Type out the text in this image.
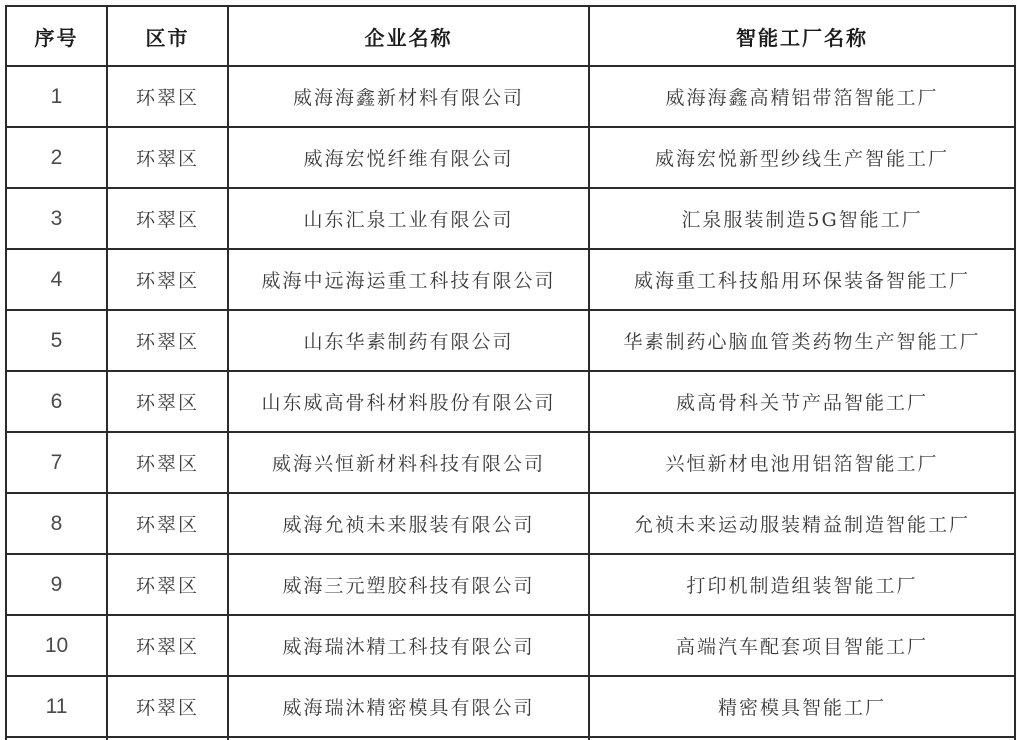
序号	区市	企业名称	智能工厂名称
1	环翠区	威海海鑫新材料有限公司	威海海鑫高精铝带箔智能工厂
2	环翠区	威海宏悦纤维有限公司	威海宏悦新型纱线生产智能工厂
3	环翠区	山东汇泉工业有限公司	汇泉服装制造5G智能工厂
4	环翠区	威海中远海运重工科技有限公司	威海重工科技船用环保装备智能工厂
5	环翠区	山东华素制药有限公司	华素制药心脑血管类药物生产智能工厂
6	环翠区	山东威高骨科材料股份有限公司	威高骨科关节产品智能工厂
7	环翠区	威海兴恒新材料科技有限公司	兴恒新材电池用铝箔智能工厂
8	环翠区	威海允祯未来服装有限公司	允祯未来运动服装精益制造智能工厂
9	环翠区	威海三元塑胶科技有限公司	打印机制造组装智能工厂
10	环翠区	威海瑞沐精工科技有限公司	高端汽车配套项目智能工厂
11	环翠区	威海瑞沐精密模具有限公司	精密模具智能工厂
